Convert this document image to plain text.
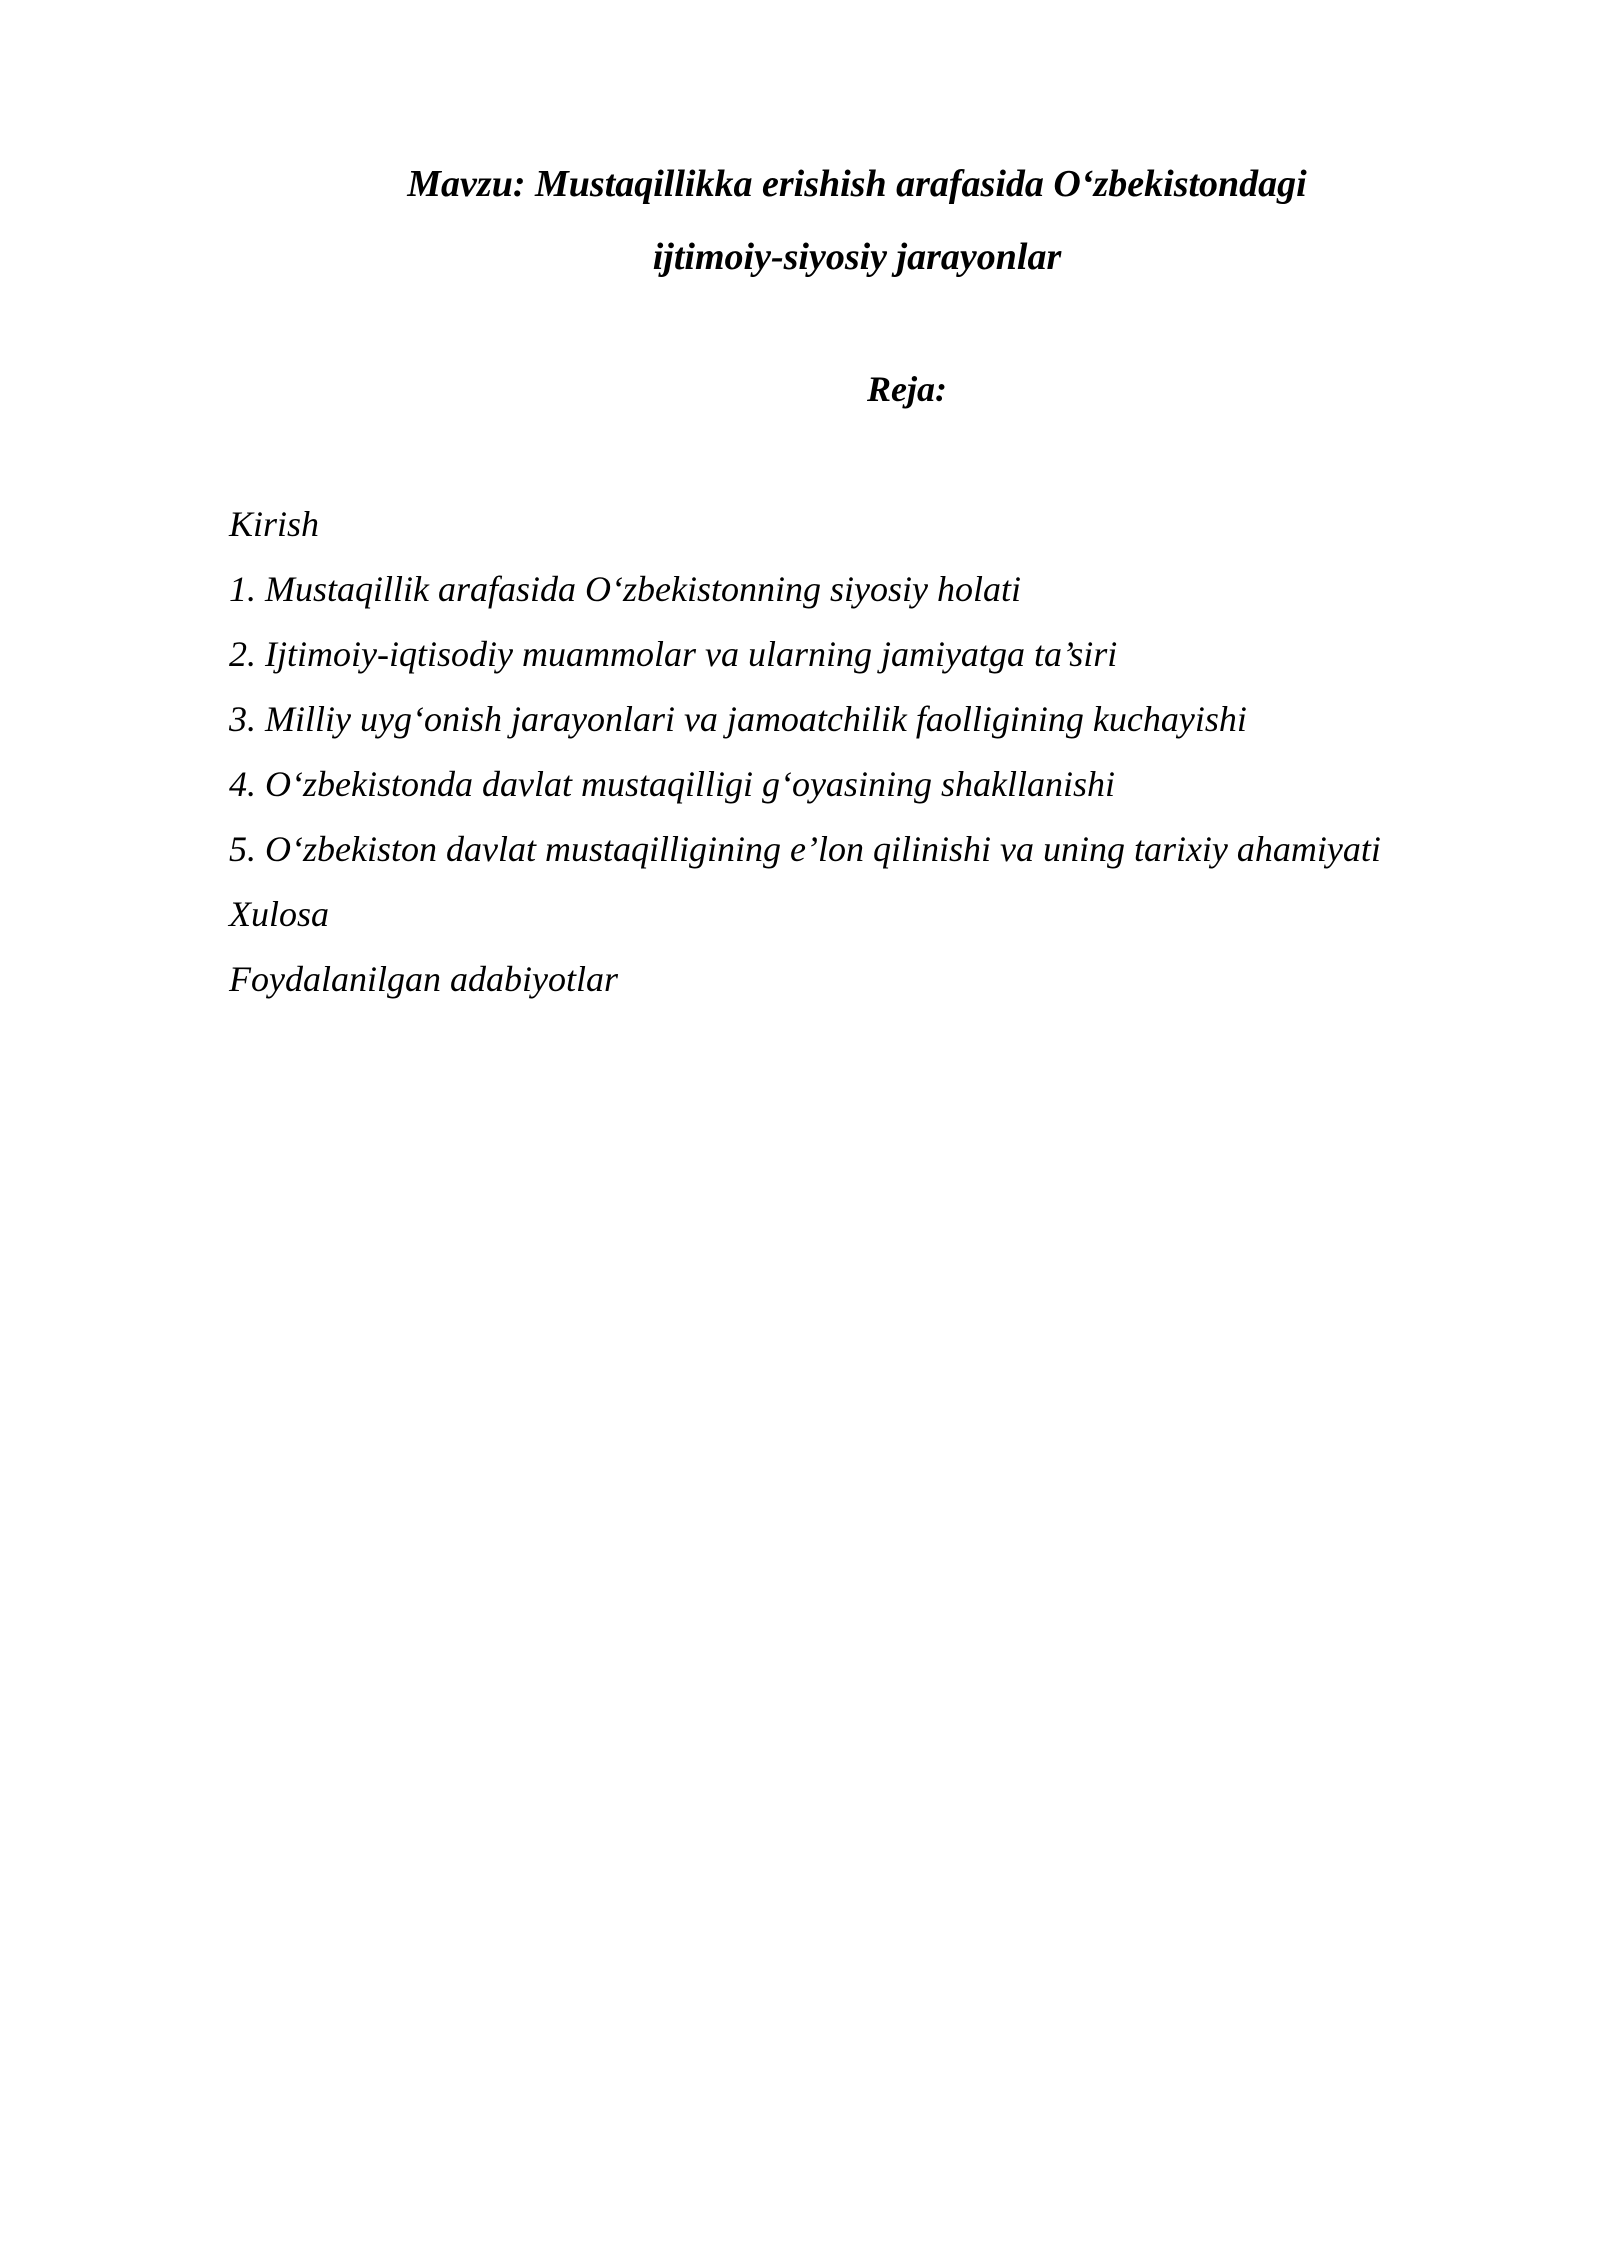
Mavzu: Mustaqillikka erishish arafasida O‘zbekistondagi
ijtimoiy-siyosiy jarayonlar

Reja:

Kirish
1. Mustaqillik arafasida O‘zbekistonning siyosiy holati
2. Ijtimoiy-iqtisodiy muammolar va ularning jamiyatga ta’siri
3. Milliy uyg‘onish jarayonlari va jamoatchilik faolligining kuchayishi
4. O‘zbekistonda davlat mustaqilligi g‘oyasining shakllanishi
5. O‘zbekiston davlat mustaqilligining e’lon qilinishi va uning tarixiy ahamiyati
Xulosa
Foydalanilgan adabiyotlar
